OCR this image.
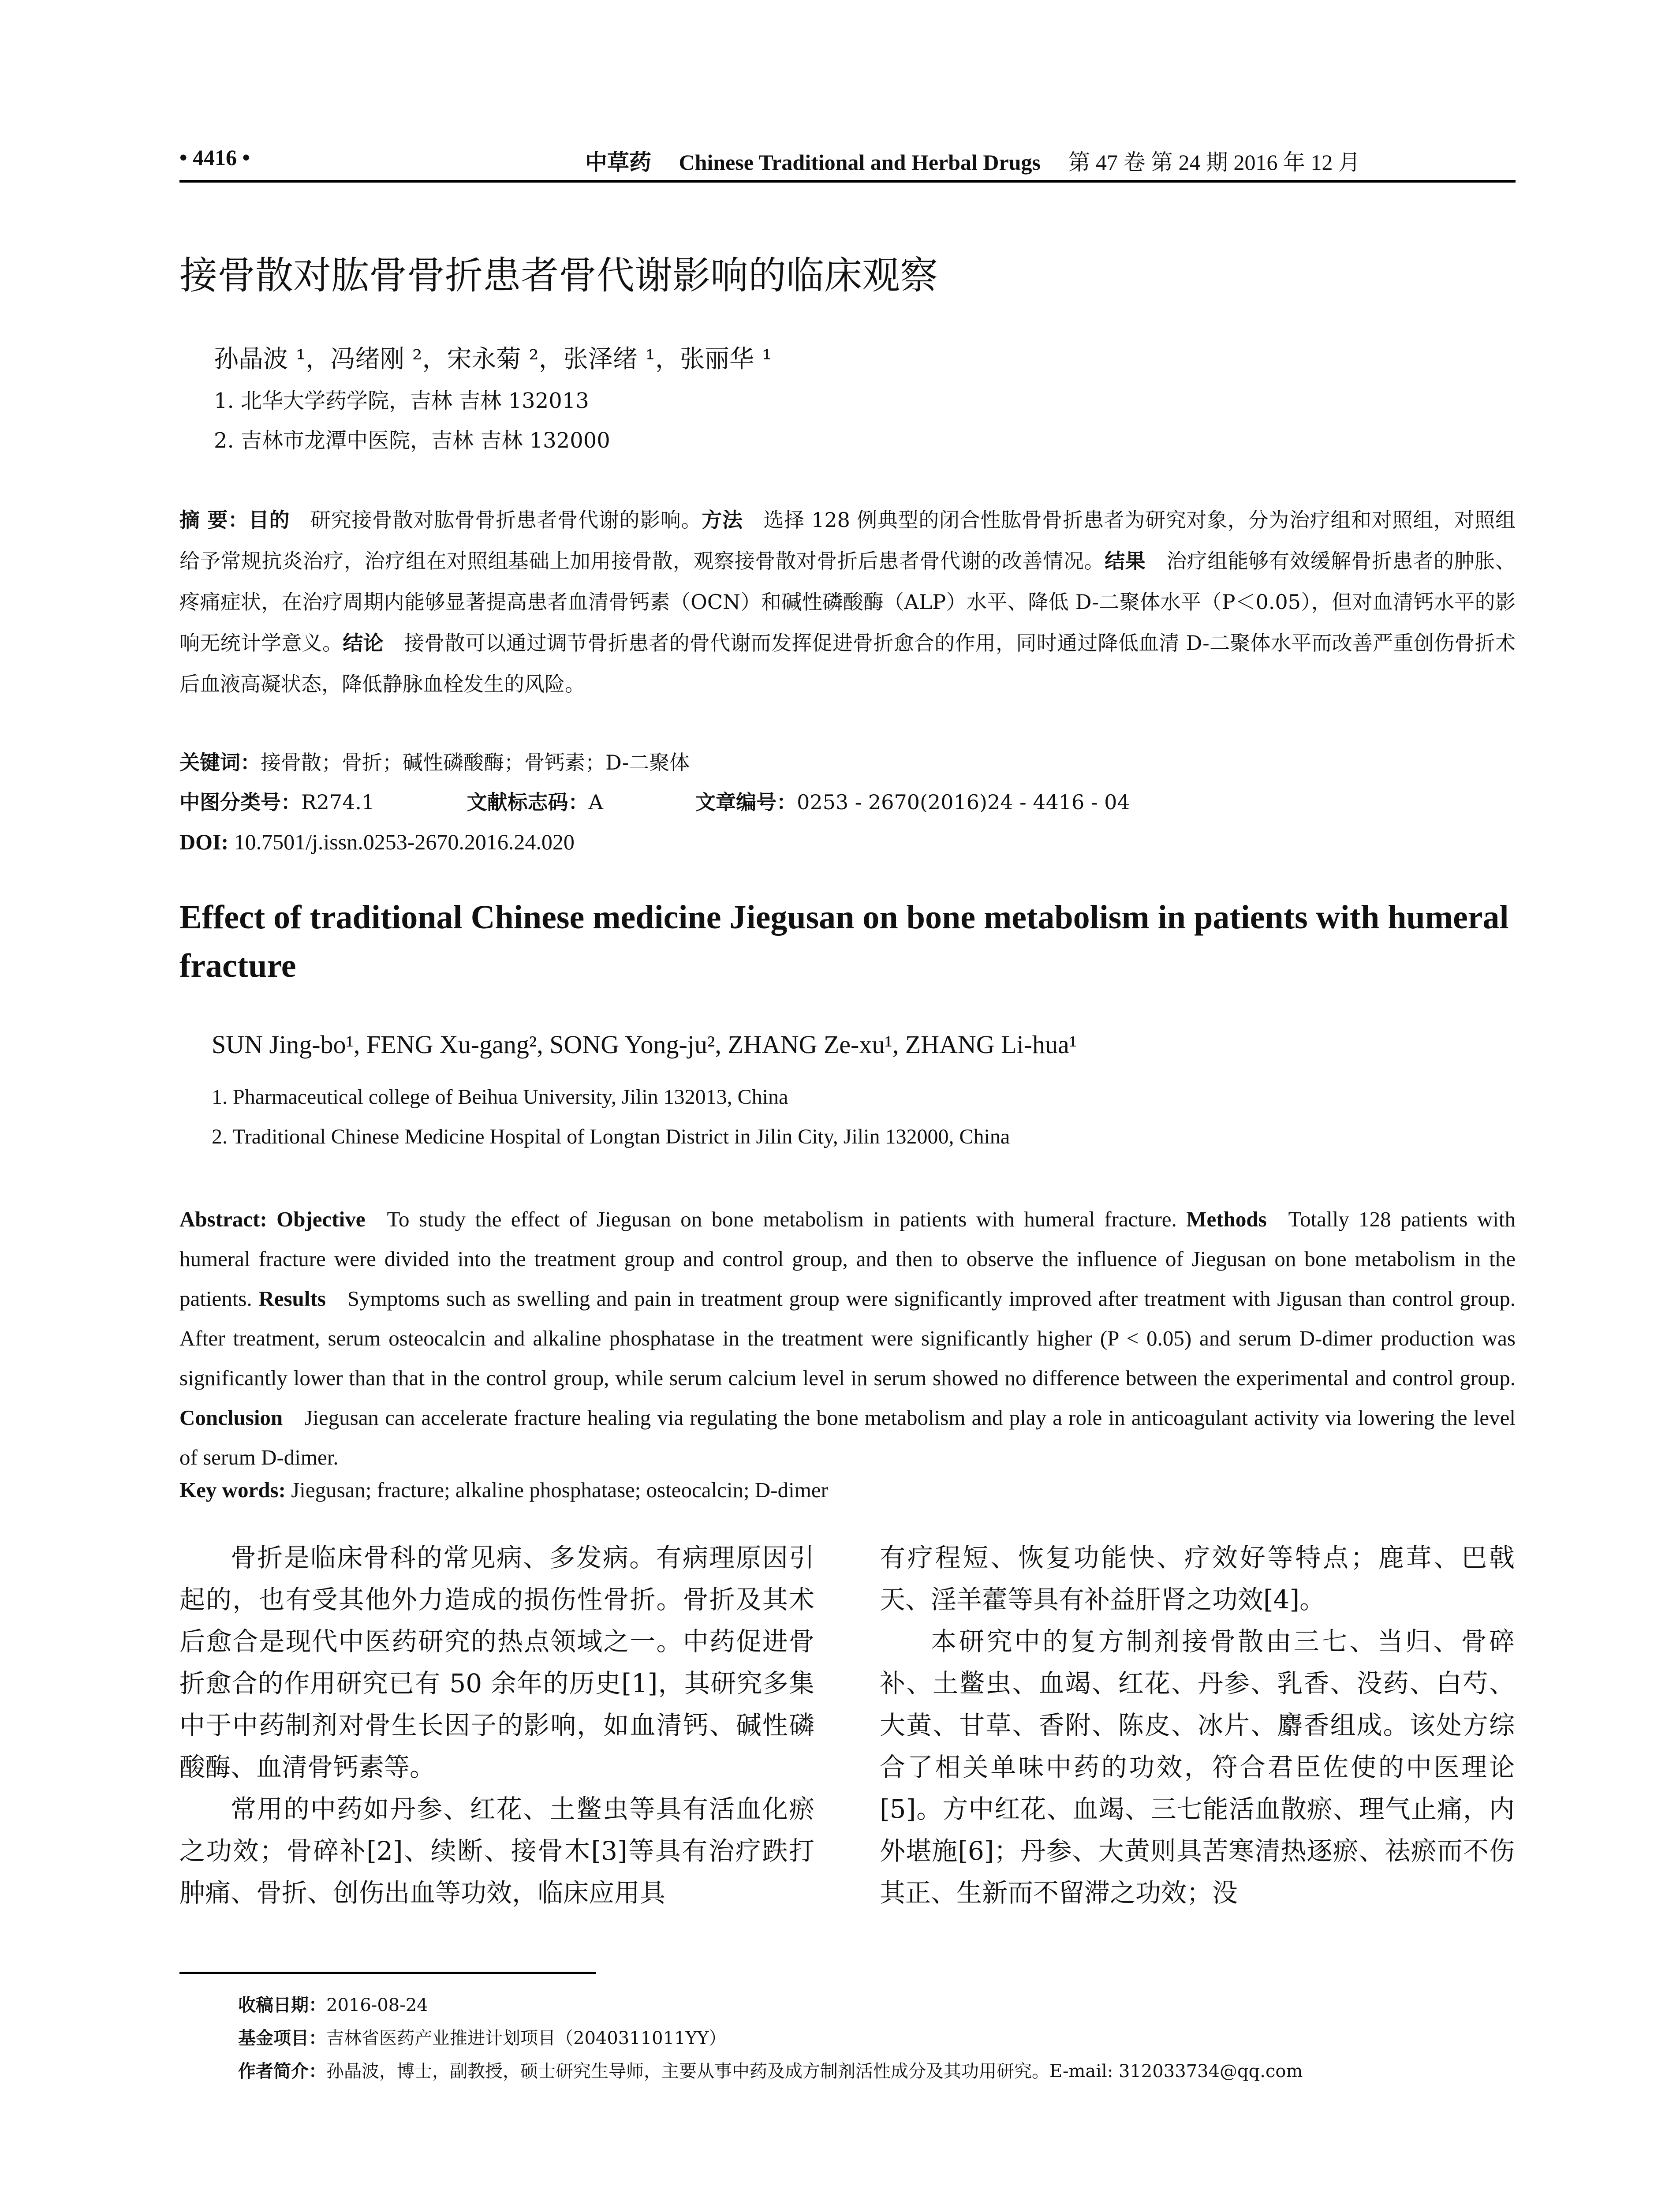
• 4416 •	中草药 Chinese Traditional and Herbal Drugs 第 47 卷 第 24 期 2016 年 12 月
接骨散对肱骨骨折患者骨代谢影响的临床观察
孙晶波 ¹，冯绪刚 ²，宋永菊 ²，张泽绪 ¹，张丽华 ¹
1. 北华大学药学院，吉林 吉林 132013
2. 吉林市龙潭中医院，吉林 吉林 132000
摘 要：目的  研究接骨散对肱骨骨折患者骨代谢的影响。方法  选择 128 例典型的闭合性肱骨骨折患者为研究对象，分为治疗组和对照组，对照组给予常规抗炎治疗，治疗组在对照组基础上加用接骨散，观察接骨散对骨折后患者骨代谢的改善情况。结果  治疗组能够有效缓解骨折患者的肿胀、疼痛症状，在治疗周期内能够显著提高患者血清骨钙素（OCN）和碱性磷酸酶（ALP）水平、降低 D-二聚体水平（P＜0.05），但对血清钙水平的影响无统计学意义。结论  接骨散可以通过调节骨折患者的骨代谢而发挥促进骨折愈合的作用，同时通过降低血清 D-二聚体水平而改善严重创伤骨折术后血液高凝状态，降低静脉血栓发生的风险。
关键词：接骨散；骨折；碱性磷酸酶；骨钙素；D-二聚体
中图分类号：R274.1	文献标志码：A	文章编号：0253 - 2670(2016)24 - 4416 - 04
DOI: 10.7501/j.issn.0253-2670.2016.24.020
Effect of traditional Chinese medicine Jiegusan on bone metabolism in patients with humeral fracture
SUN Jing-bo¹, FENG Xu-gang², SONG Yong-ju², ZHANG Ze-xu¹, ZHANG Li-hua¹
1. Pharmaceutical college of Beihua University, Jilin 132013, China
2. Traditional Chinese Medicine Hospital of Longtan District in Jilin City, Jilin 132000, China
Abstract: Objective  To study the effect of Jiegusan on bone metabolism in patients with humeral fracture. Methods  Totally 128 patients with humeral fracture were divided into the treatment group and control group, and then to observe the influence of Jiegusan on bone metabolism in the patients. Results  Symptoms such as swelling and pain in treatment group were significantly improved after treatment with Jigusan than control group. After treatment, serum osteocalcin and alkaline phosphatase in the treatment were significantly higher (P < 0.05) and serum D-dimer production was significantly lower than that in the control group, while serum calcium level in serum showed no difference between the experimental and control group. Conclusion  Jiegusan can accelerate fracture healing via regulating the bone metabolism and play a role in anticoagulant activity via lowering the level of serum D-dimer.
Key words: Jiegusan; fracture; alkaline phosphatase; osteocalcin; D-dimer

骨折是临床骨科的常见病、多发病。有病理原因引起的，也有受其他外力造成的损伤性骨折。骨折及其术后愈合是现代中医药研究的热点领域之一。中药促进骨折愈合的作用研究已有 50 余年的历史[1]，其研究多集中于中药制剂对骨生长因子的影响，如血清钙、碱性磷酸酶、血清骨钙素等。

常用的中药如丹参、红花、土鳖虫等具有活血化瘀之功效；骨碎补[2]、续断、接骨木[3]等具有治疗跌打肿痛、骨折、创伤出血等功效，临床应用具

有疗程短、恢复功能快、疗效好等特点；鹿茸、巴戟天、淫羊藿等具有补益肝肾之功效[4]。

本研究中的复方制剂接骨散由三七、当归、骨碎补、土鳖虫、血竭、红花、丹参、乳香、没药、白芍、大黄、甘草、香附、陈皮、冰片、麝香组成。该处方综合了相关单味中药的功效，符合君臣佐使的中医理论[5]。方中红花、血竭、三七能活血散瘀、理气止痛，内外堪施[6]；丹参、大黄则具苦寒清热逐瘀、祛瘀而不伤其正、生新而不留滞之功效；没

收稿日期：2016-08-24
基金项目：吉林省医药产业推进计划项目（2040311011YY）
作者简介：孙晶波，博士，副教授，硕士研究生导师，主要从事中药及成方制剂活性成分及其功用研究。E-mail: 312033734@qq.com
